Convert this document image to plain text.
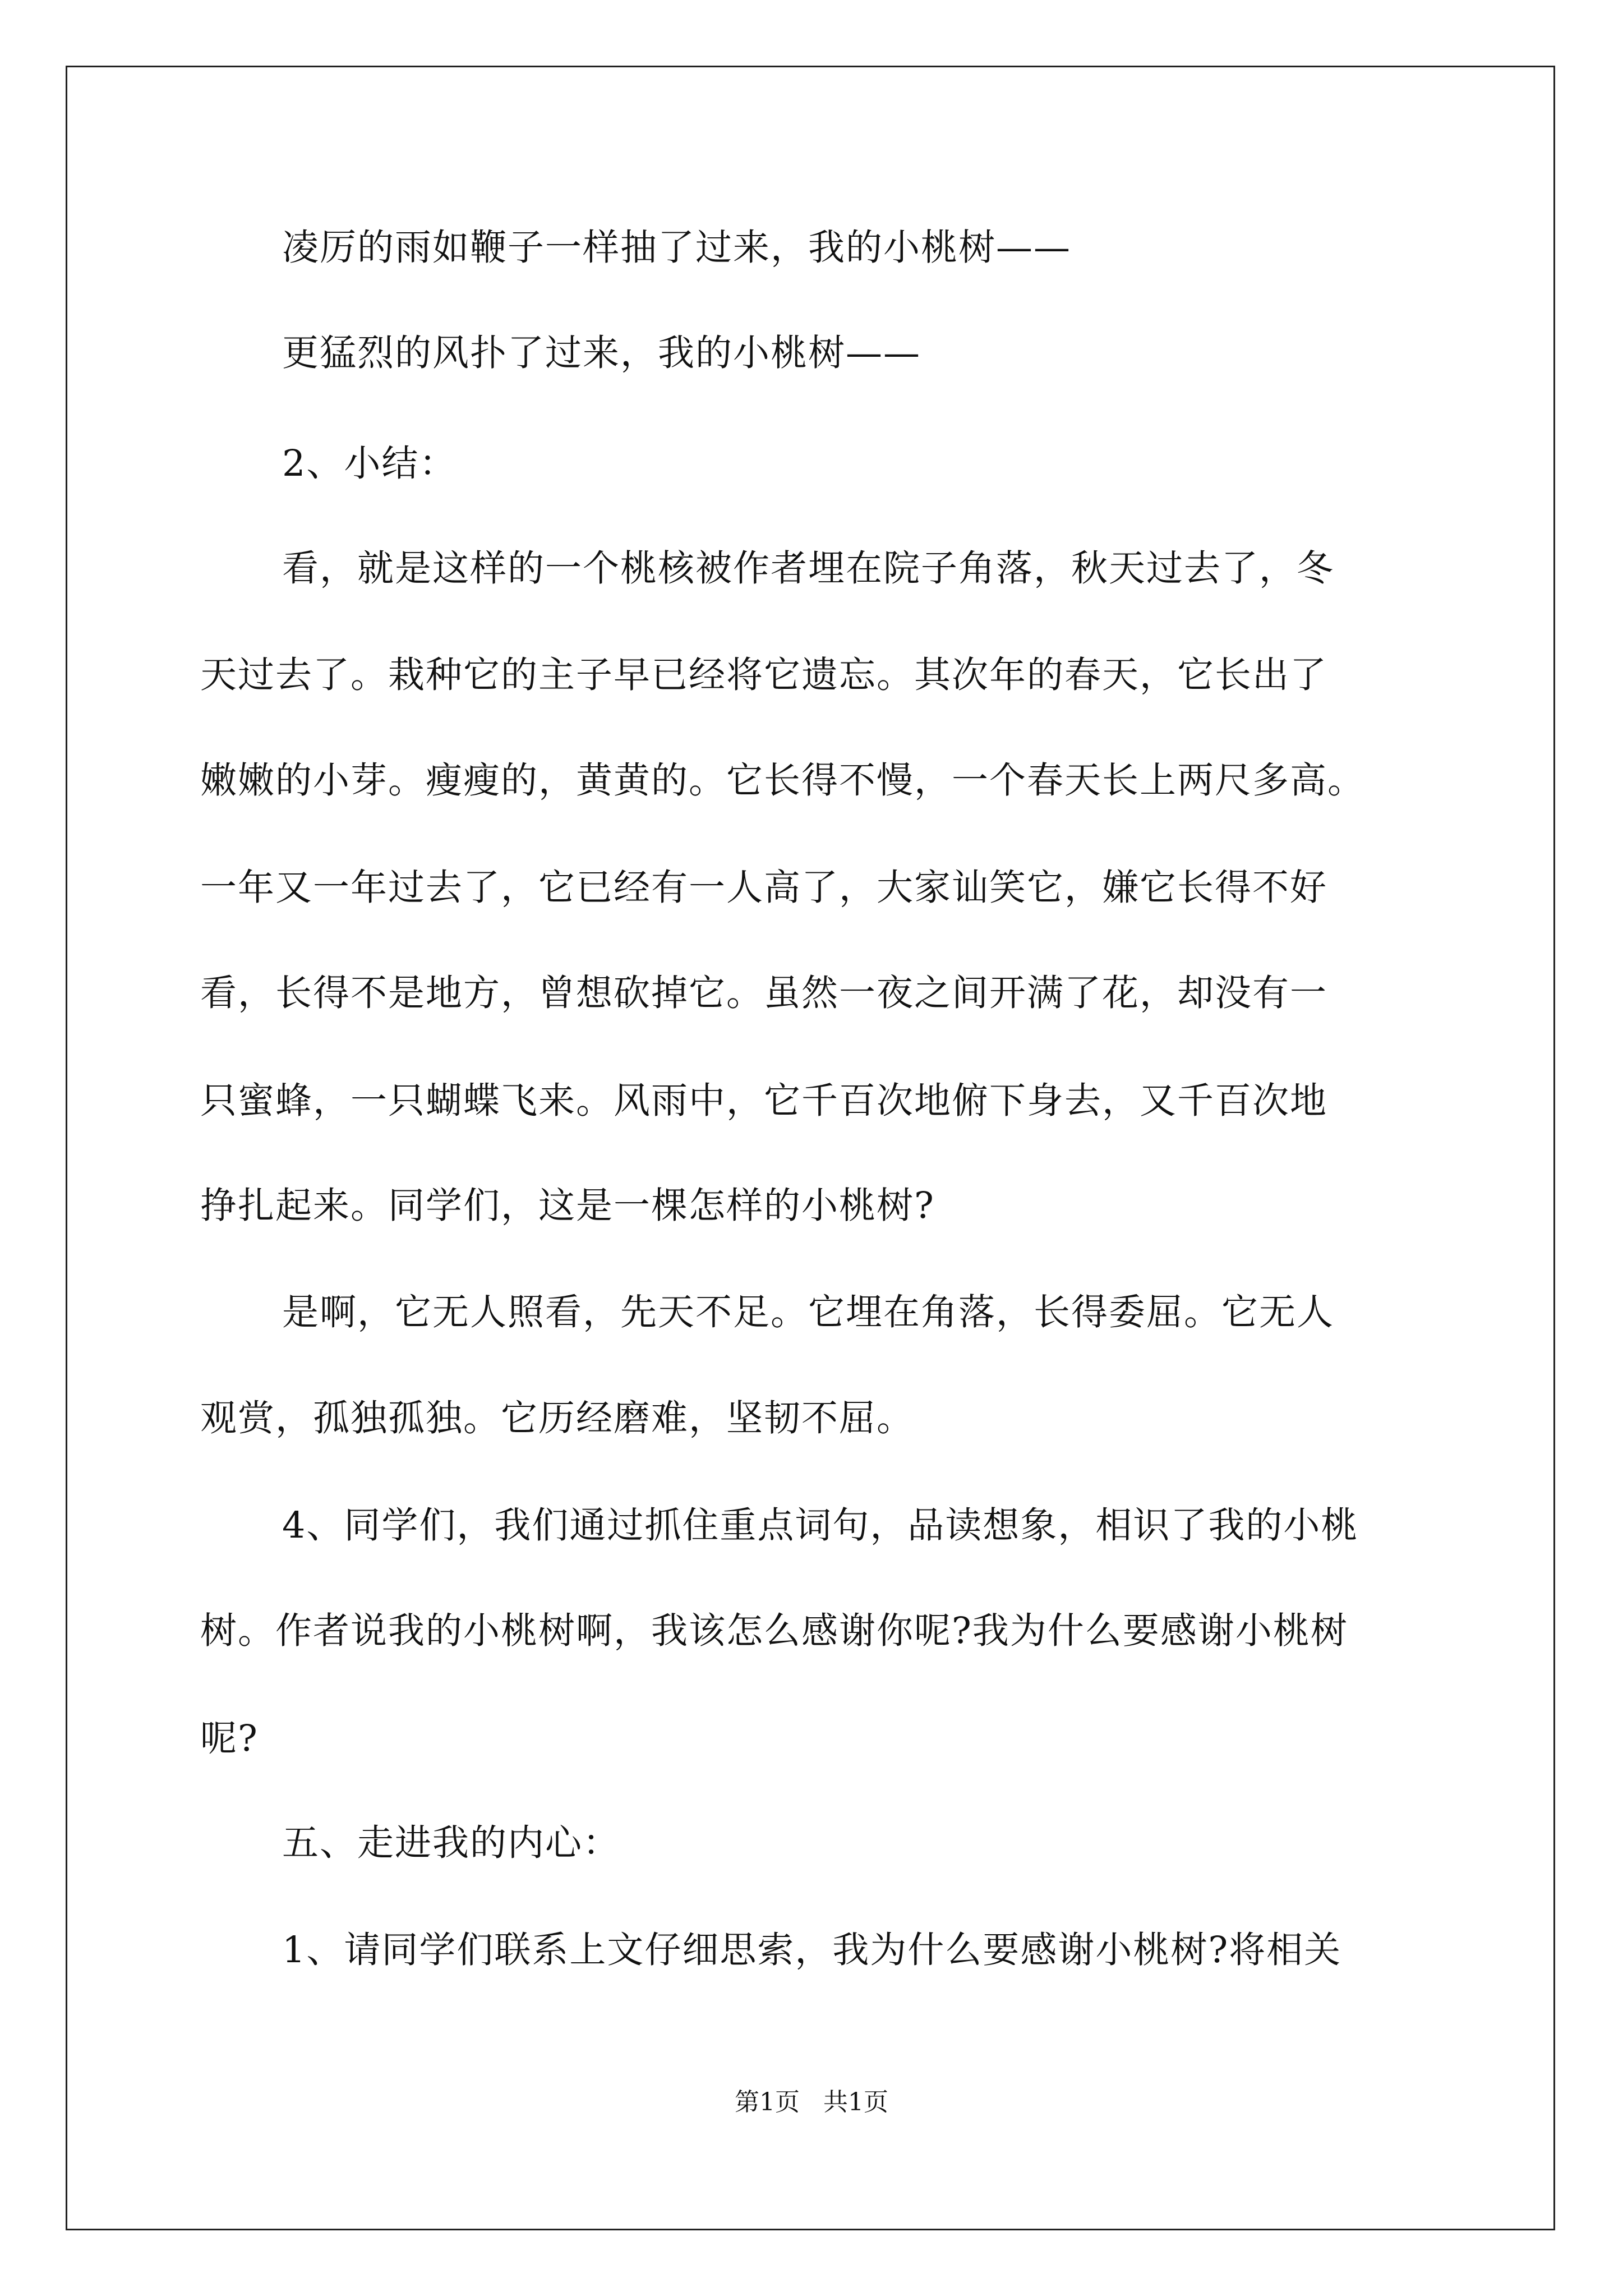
凌厉的雨如鞭子一样抽了过来，我的小桃树——
更猛烈的风扑了过来，我的小桃树——
2、小结：
看，就是这样的一个桃核被作者埋在院子角落，秋天过去了，冬
天过去了。栽种它的主子早已经将它遗忘。其次年的春天，它长出了
嫩嫩的小芽。瘦瘦的，黄黄的。它长得不慢，一个春天长上两尺多高。
一年又一年过去了，它已经有一人高了，大家讪笑它，嫌它长得不好
看，长得不是地方，曾想砍掉它。虽然一夜之间开满了花，却没有一
只蜜蜂，一只蝴蝶飞来。风雨中，它千百次地俯下身去，又千百次地
挣扎起来。同学们，这是一棵怎样的小桃树?
是啊，它无人照看，先天不足。它埋在角落，长得委屈。它无人
观赏，孤独孤独。它历经磨难，坚韧不屈。
4、同学们，我们通过抓住重点词句，品读想象，相识了我的小桃
树。作者说我的小桃树啊，我该怎么感谢你呢?我为什么要感谢小桃树
呢?
五、走进我的内心：
1、请同学们联系上文仔细思索，我为什么要感谢小桃树?将相关
第1页   共1页
